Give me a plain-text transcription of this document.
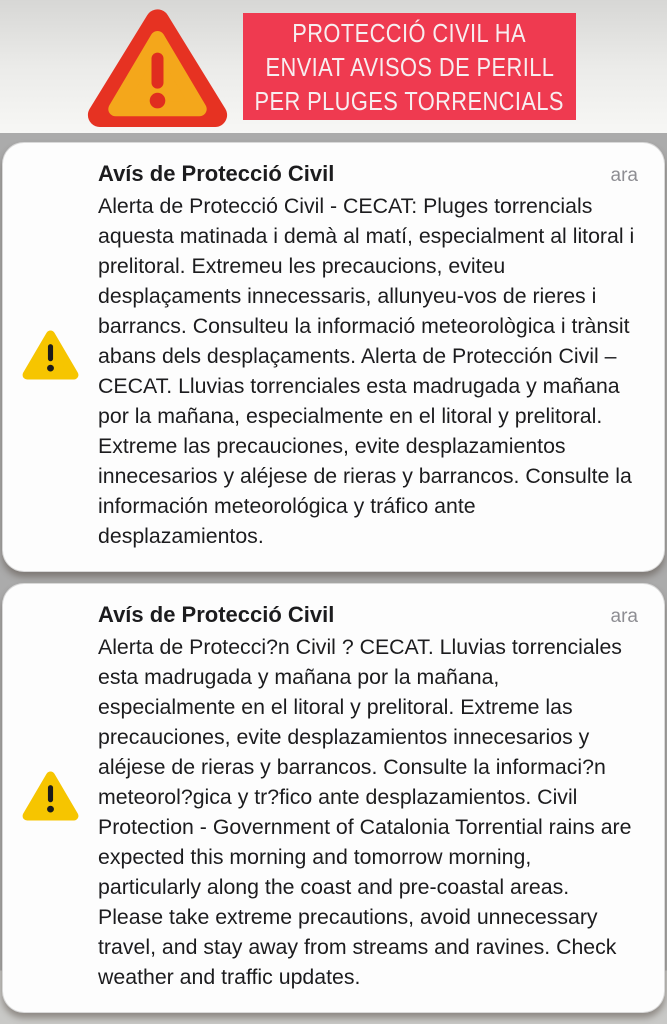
PROTECCIÓ CIVIL HA
ENVIAT AVISOS DE PERILL
PER PLUGES TORRENCIALS
Avís de Protecció Civil	ara
Alerta de Protecció Civil - CECAT: Pluges torrencials aquesta matinada i demà al matí, especialment al litoral i prelitoral. Extremeu les precaucions, eviteu desplaçaments innecessaris, allunyeu-vos de rieres i barrancs. Consulteu la informació meteorològica i trànsit abans dels desplaçaments. Alerta de Protección Civil – CECAT. Lluvias torrenciales esta madrugada y mañana por la mañana, especialmente en el litoral y prelitoral. Extreme las precauciones, evite desplazamientos innecesarios y aléjese de rieras y barrancos. Consulte la información meteorológica y tráfico ante desplazamientos.
Avís de Protecció Civil	ara
Alerta de Protecci?n Civil ? CECAT. Lluvias torrenciales esta madrugada y mañana por la mañana, especialmente en el litoral y prelitoral. Extreme las precauciones, evite desplazamientos innecesarios y aléjese de rieras y barrancos. Consulte la informaci?n meteorol?gica y tr?fico ante desplazamientos. Civil Protection - Government of Catalonia Torrential rains are expected this morning and tomorrow morning, particularly along the coast and pre-coastal areas. Please take extreme precautions, avoid unnecessary travel, and stay away from streams and ravines. Check weather and traffic updates.
